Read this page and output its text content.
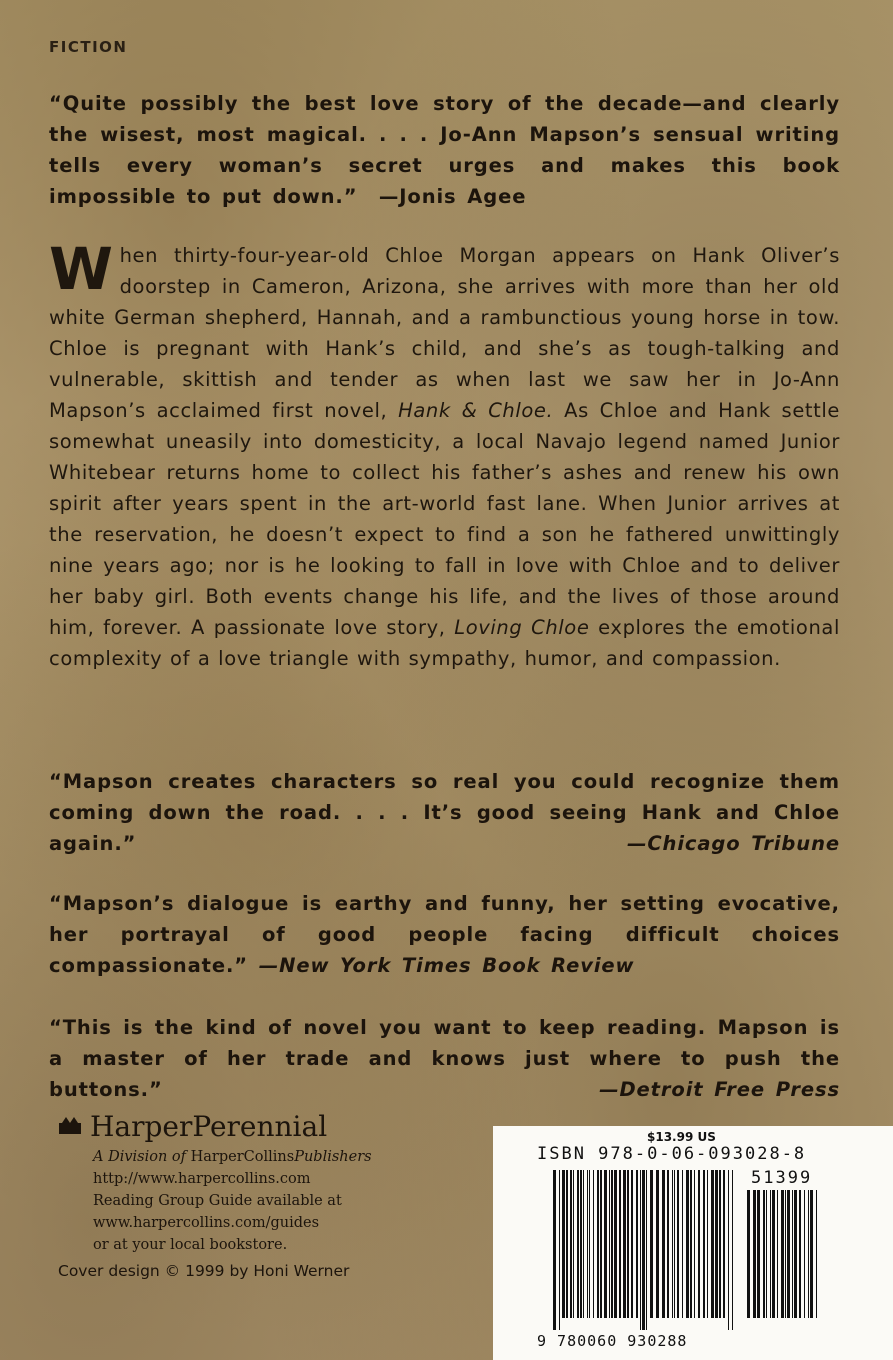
FICTION
“Quite possibly the best love story of the decade—and clearly the wisest, most magical. . . . Jo-Ann Mapson’s sensual writing tells every woman’s secret urges and makes this book impossible to put down.” —Jonis Agee
When thirty-four-year-old Chloe Morgan appears on Hank Oliver’s doorstep in Cameron, Arizona, she arrives with more than her old white German shepherd, Hannah, and a rambunctious young horse in tow. Chloe is pregnant with Hank’s child, and she’s as tough-talking and vulnerable, skittish and tender as when last we saw her in Jo-Ann Mapson’s acclaimed first novel, Hank & Chloe. As Chloe and Hank settle somewhat uneasily into domesticity, a local Navajo legend named Junior Whitebear returns home to collect his father’s ashes and renew his own spirit after years spent in the art-world fast lane. When Junior arrives at the reservation, he doesn’t expect to find a son he fathered unwittingly nine years ago; nor is he looking to fall in love with Chloe and to deliver her baby girl. Both events change his life, and the lives of those around him, forever. A passionate love story, Loving Chloe explores the emotional complexity of a love triangle with sympathy, humor, and compassion.
“Mapson creates characters so real you could recognize them coming down the road. . . . It’s good seeing Hank and Chloe again.”	—Chicago Tribune
“Mapson’s dialogue is earthy and funny, her setting evocative, her portrayal of good people facing difficult choices compassionate.” —New York Times Book Review
“This is the kind of novel you want to keep reading. Mapson is a master of her trade and knows just where to push the buttons.”	—Detroit Free Press
HarperPerennial
A Division of HarperCollinsPublishers
http://www.harpercollins.com
Reading Group Guide available at
www.harpercollins.com/guides
or at your local bookstore.
Cover design © 1999 by Honi Werner
$13.99 US
ISBN 978-0-06-093028-8
51399
9 780060 930288
